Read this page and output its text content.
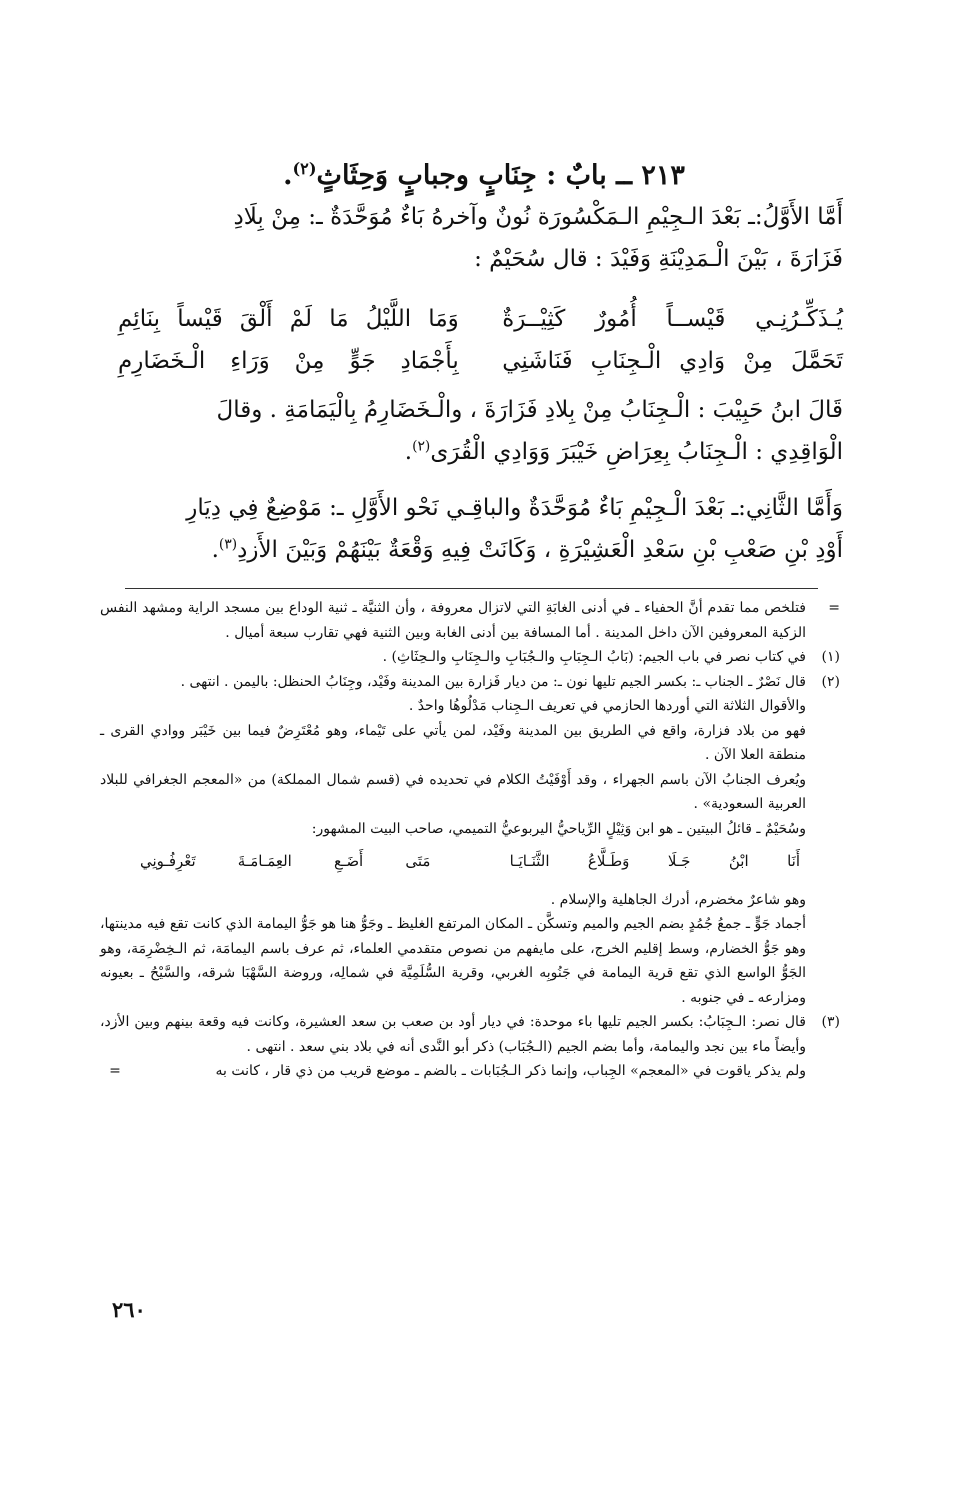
٢١٣ ــ بابٌ : جِنَابٍ وجبابٍ وَحِثَاثٍ$^{(٢)}$.
أَمَّا الأَوَّلُ:ـ بَعْدَ الـجِيْمِ الـمَكْسُورَة نُونٌ وآخرهُ بَاءٌ مُوَحَّدَةٌ ـ: مِنْ بِلَادِ
فَزَارَةَ ، بَيْنَ الْـمَدِيْنَةِ وَفَيْدَ : قال سُحَيْمٌ :
يُـذَكِّـرُنِـي قَيْســاً أُمُورٌ كَثِيْــرَةٌ
وَمَا اللَّيْلُ مَا لَمْ أَلْقَ قَيْساً بِنَائِمِ
تَحَمَّلَ مِنْ وَادِي الْـجِنَابِ فَنَاشَنِي
بِأَجْمَادِ جَوٍّ مِنْ وَرَاءِ الْـخَضَارِمِ
قَالَ ابنُ حَبِيْبَ : الْـجِنَابُ مِنْ بِلادِ فَزَارَةَ ، والْـخَضَارِمُ بِالْيَمَامَةِ . وقالَ
الْوَاقِدِي : الْـجِنَابُ بِعِرَاضِ خَيْبَرَ وَوَادِي الْقُرَى$^{(٢)}$.
وَأَمَّا الثَّانِي:ـ بَعْدَ الْـجِيْمِ بَاءٌ مُوَحَّدَةٌ والباقِـي نَحْو الأَوَّلِ ـ: مَوْضِعٌ فِي دِيَارِ
أَوْدِ بْنِ صَعْبِ بْنِ سَعْدِ الْعَشِيْرَةِ ، وَكَانَتْ فِيهِ وَقْعَةٌ بَيْنَهُمْ وَبَيْنَ الأَزدِ$^{(٣)}$.
=
فتلخص مما تقدم أنَّ الحفياء ـ في أدنى الغابَةِ التي لاتزال معروفة ، وأن الثنيَّة ـ ثنية الوداع بين مسجد الراية ومشهد النفس الزكية المعروفين الآن داخل المدينة . أما المسافة بين أدنى الغابة وبين الثنية فهي تقارب سبعة أميال .
(١)
في كتاب نصر في باب الجيم: (بَابُ الـجِبَابِ والـجُبَابِ والـجِنَابِ والـحِثَاثِ) .
(٢)
قال نَصْرٌ ـ الجناب ـ: بكسر الجيم تليها نون ـ: من ديار فَزارة بين المدينة وفَيْد، وجِنَابُ الحنظل: باليمن . انتهى .
والأقوال الثلاثة التي أوردها الحازمي في تعريف الـجِناب مَدْلُوهُا واحدٌ .
فهو من بلاد فزارة، واقع في الطريق بين المدينة وفَيْد، لمن يأتي على تَيْماء، وهو مُعْتَرِضٌ فيما بين خَيْبَر ووادي القرى ـ منطقة العلا الآن .
ويُعرف الجنابُ الآن باسم الجهراء ، وقد أَوْفَيْتُ الكلام في تحديده في (قسم شمال المملكة) من «المعجم الجغرافي للبلاد العربية السعودية» .
وسُحَيْمٌ ـ قائلُ البيتين ـ هو ابن وَثِيْلٍ الرِّياحيُّ اليربوعيُّ التميمي، صاحب البيت المشهور:
أَنَا ابْنُ جَـلَا وَطَـلَّاعُ الثَّنَـايَـا
مَتَى أَضَـعِ العِمَـامَـةَ تَعْرِفُـونِي
وهو شاعرٌ مخضرم، أدرك الجاهلية والإسلام .
أجماد جَوٍّ ـ جمعُ جُمُدٍ بضم الجيم والميم وتسكَّن ـ المكان المرتفع الغليظ ـ وجَوُّ هنا هو جَوُّ اليمامة الذي كانت تقع فيه مدينتها، وهو جَوُّ الخضارم، وسط إقليم الخرج، على مايفهم من نصوص متقدمي العلماء، ثم عرف باسم اليمامَة، ثم الـخِضْرِمَة، وهو الجَوُّ الواسع الذي تقع قرية اليمامة في جَنُوبِه الغربي، وقرية السُّلَمِيَّة في شمالِه، وروضة السَّهْبَا شرقه، والسَّيْحُ ـ بعيونه ومزارعه ـ في جنوبه .
(٣)
قال نصر: الـجِبَابُ: بكسر الجيم تليها باء موحدة: في ديار أود بن صعب بن سعد العشيرة، وكانت فيه وقعة بينهم وبين الأزد، وأيضاً ماء بين نجد واليمامة، وأما بضم الجيم (الـجُبَاب) ذكر أبو النَّدى أنه في بلاد بني سعد . انتهى .
ولم يذكر ياقوت في «المعجم» الجِباب، وإنما ذكر الـجُبَابات ـ بالضم ـ موضع قريب من ذي قار ، كانت به
=
٢٦٠
